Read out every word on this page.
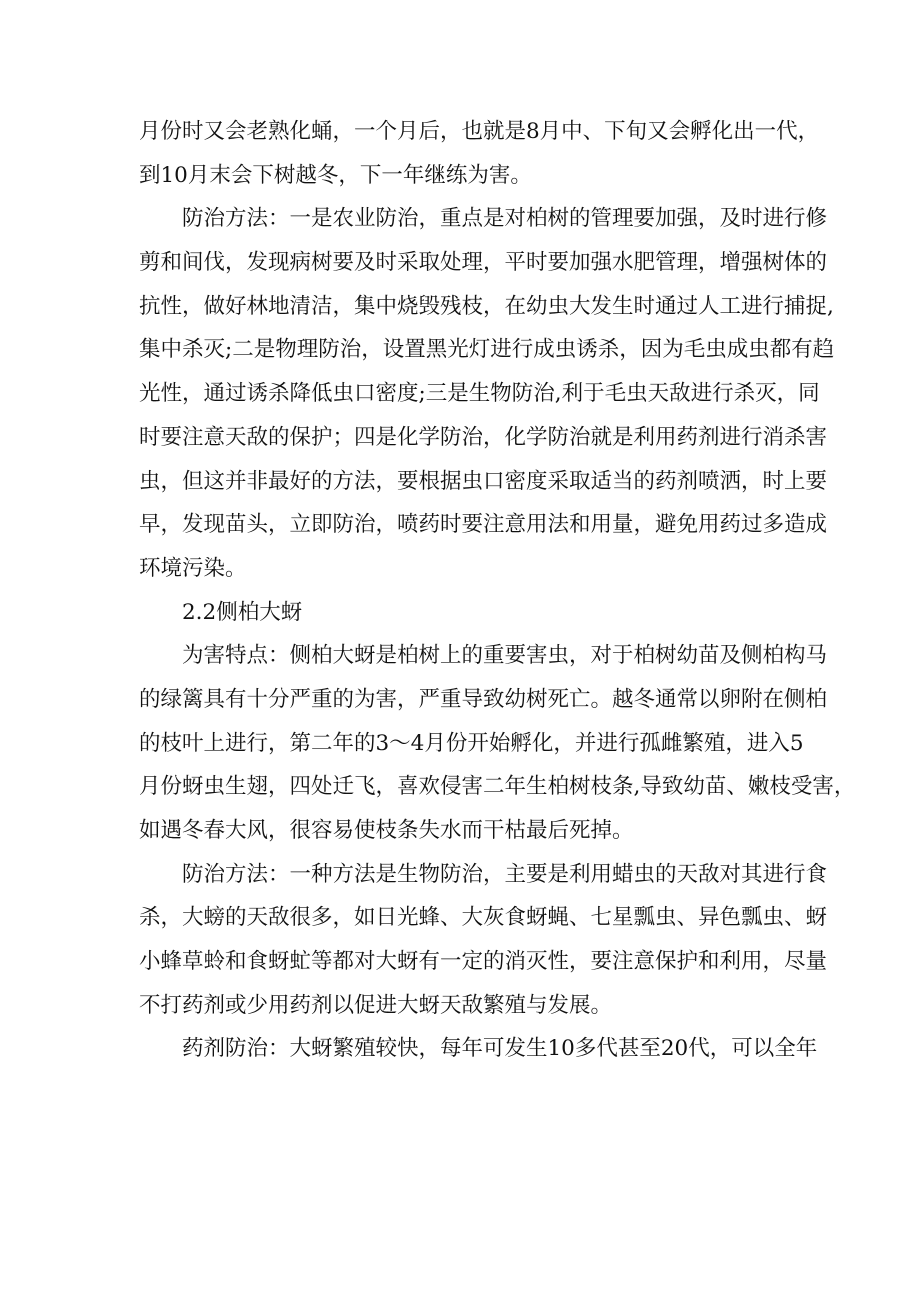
月份时又会老熟化蛹，一个月后，也就是8月中、下旬又会孵化出一代，
到10月末会下树越冬，下一年继练为害。
防治方法：一是农业防治，重点是对柏树的管理要加强，及时进行修
剪和间伐，发现病树要及时采取处理，平时要加强水肥管理，增强树体的
抗性，做好林地清洁，集中烧毁残枝，在幼虫大发生时通过人工进行捕捉,
集中杀灭;二是物理防治，设置黑光灯进行成虫诱杀，因为毛虫成虫都有趋
光性，通过诱杀降低虫口密度;三是生物防治,利于毛虫天敌进行杀灭，同
时要注意天敌的保护；四是化学防治，化学防治就是利用药剂进行消杀害
虫，但这并非最好的方法，要根据虫口密度采取适当的药剂喷洒，时上要
早，发现苗头，立即防治，喷药时要注意用法和用量，避免用药过多造成
环境污染。
2.2侧柏大蚜
为害特点：侧柏大蚜是柏树上的重要害虫，对于柏树幼苗及侧柏构马
的绿篱具有十分严重的为害，严重导致幼树死亡。越冬通常以卵附在侧柏
的枝叶上进行，第二年的3～4月份开始孵化，并进行孤雌繁殖，进入5
月份蚜虫生翅，四处迁飞，喜欢侵害二年生柏树枝条,导致幼苗、嫩枝受害，
如遇冬春大风，很容易使枝条失水而干枯最后死掉。
防治方法：一种方法是生物防治，主要是利用蜡虫的天敌对其进行食
杀，大螃的天敌很多，如日光蜂、大灰食蚜蝇、七星瓢虫、异色瓢虫、蚜
小蜂草蛉和食蚜虻等都对大蚜有一定的消灭性，要注意保护和利用，尽量
不打药剂或少用药剂以促进大蚜天敌繁殖与发展。
药剂防治：大蚜繁殖较快，每年可发生10多代甚至20代，可以全年
